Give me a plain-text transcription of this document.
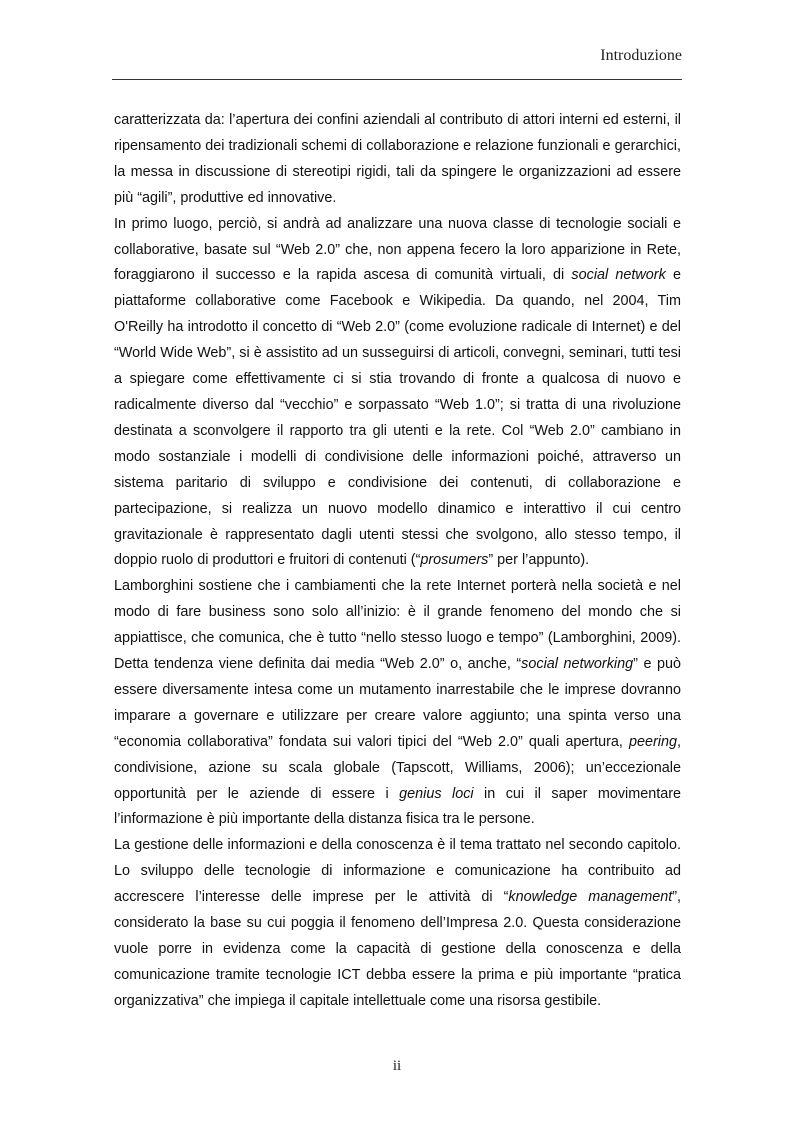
Introduzione

caratterizzata da: l’apertura dei confini aziendali al contributo di attori interni ed esterni, il ripensamento dei tradizionali schemi di collaborazione e relazione funzionali e gerarchici, la messa in discussione di stereotipi rigidi, tali da spingere le organizzazioni ad essere più “agili”, produttive ed innovative.

In primo luogo, perciò, si andrà ad analizzare una nuova classe di tecnologie sociali e collaborative, basate sul “Web 2.0” che, non appena fecero la loro apparizione in Rete, foraggiarono il successo e la rapida ascesa di comunità virtuali, di social network e piattaforme collaborative come Facebook e Wikipedia. Da quando, nel 2004, Tim O'Reilly ha introdotto il concetto di “Web 2.0” (come evoluzione radicale di Internet) e del “World Wide Web”, si è assistito ad un susseguirsi di articoli, convegni, seminari, tutti tesi a spiegare come effettivamente ci si stia trovando di fronte a qualcosa di nuovo e radicalmente diverso dal “vecchio” e sorpassato “Web 1.0”; si tratta di una rivoluzione destinata a sconvolgere il rapporto tra gli utenti e la rete. Col “Web 2.0” cambiano in modo sostanziale i modelli di condivisione delle informazioni poiché, attraverso un sistema paritario di sviluppo e condivisione dei contenuti, di collaborazione e partecipazione, si realizza un nuovo modello dinamico e interattivo il cui centro gravitazionale è rappresentato dagli utenti stessi che svolgono, allo stesso tempo, il doppio ruolo di produttori e fruitori di contenuti (“prosumers” per l’appunto).

Lamborghini sostiene che i cambiamenti che la rete Internet porterà nella società e nel modo di fare business sono solo all’inizio: è il grande fenomeno del mondo che si appiattisce, che comunica, che è tutto “nello stesso luogo e tempo” (Lamborghini, 2009). Detta tendenza viene definita dai media “Web 2.0” o, anche, “social networking” e può essere diversamente intesa come un mutamento inarrestabile che le imprese dovranno imparare a governare e utilizzare per creare valore aggiunto; una spinta verso una “economia collaborativa” fondata sui valori tipici del “Web 2.0” quali apertura, peering, condivisione, azione su scala globale (Tapscott, Williams, 2006); un’eccezionale opportunità per le aziende di essere i genius loci in cui il saper movimentare l’informazione è più importante della distanza fisica tra le persone.

La gestione delle informazioni e della conoscenza è il tema trattato nel secondo capitolo. Lo sviluppo delle tecnologie di informazione e comunicazione ha contribuito ad accrescere l’interesse delle imprese per le attività di “knowledge management”, considerato la base su cui poggia il fenomeno dell’Impresa 2.0. Questa considerazione vuole porre in evidenza come la capacità di gestione della conoscenza e della comunicazione tramite tecnologie ICT debba essere la prima e più importante “pratica organizzativa” che impiega il capitale intellettuale come una risorsa gestibile.

ii
